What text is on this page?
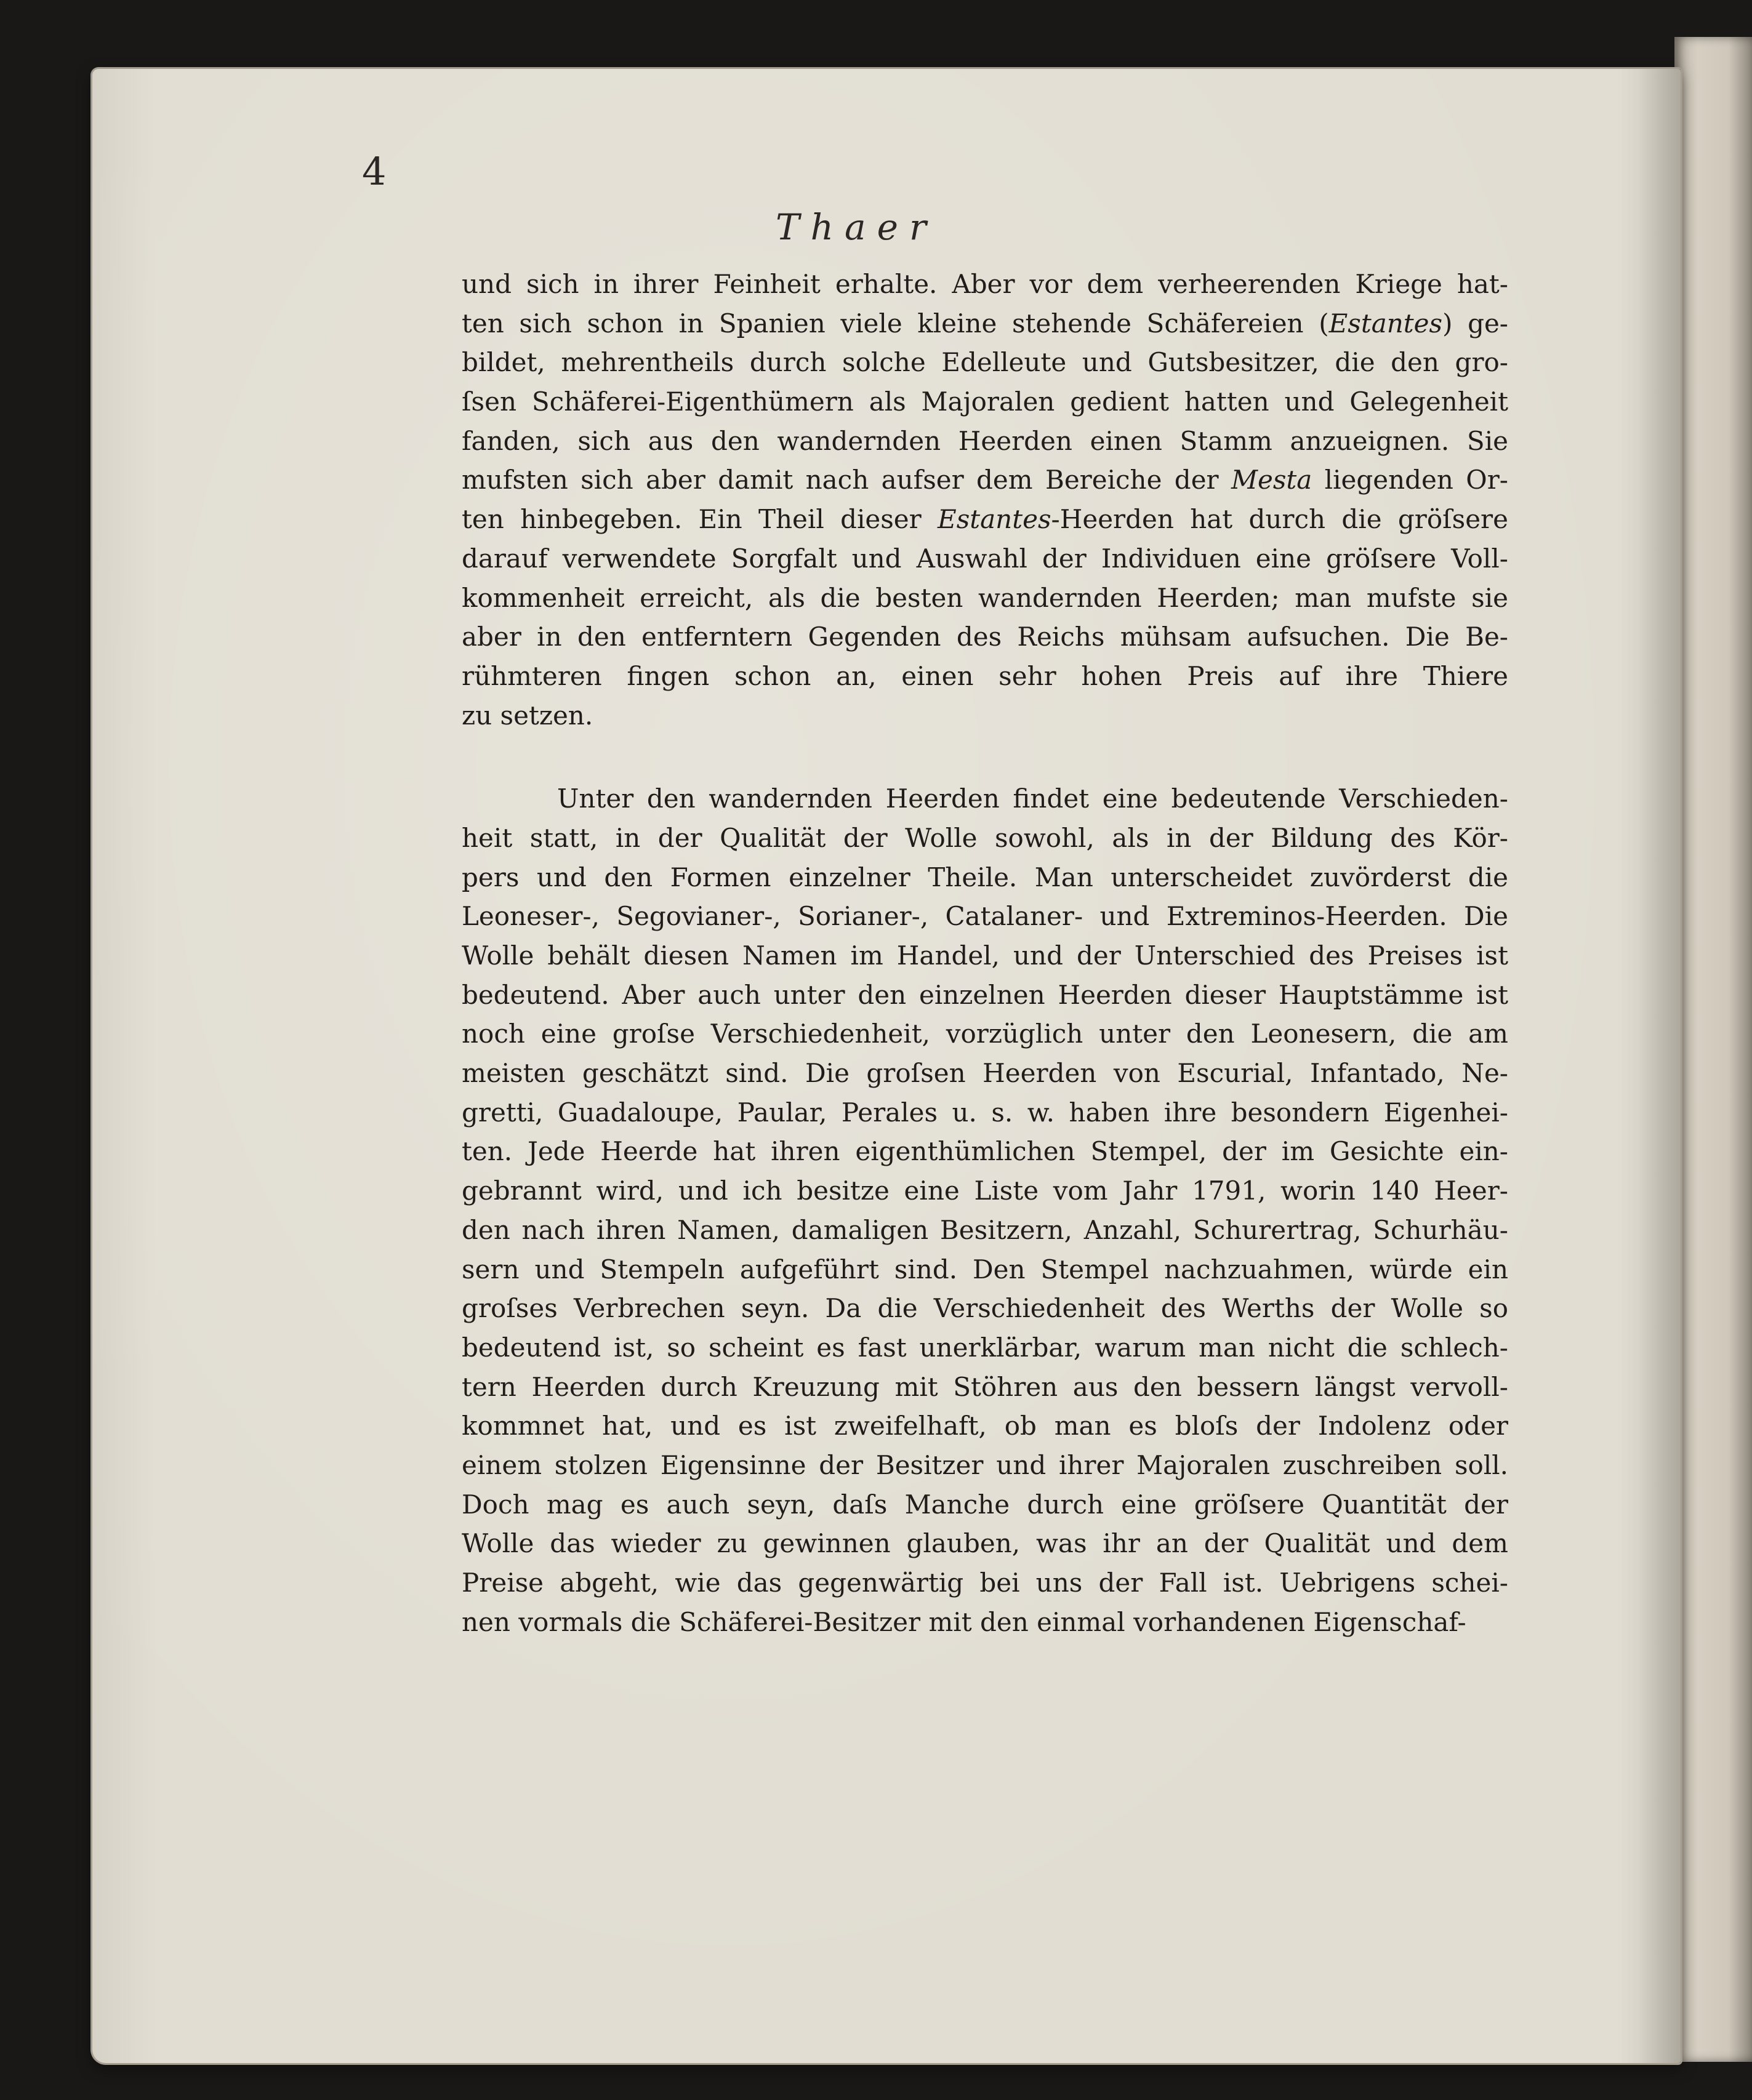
4
Thaer
und sich in ihrer Feinheit erhalte. Aber vor dem verheerenden Kriege hat-
ten sich schon in Spanien viele kleine stehende Schäfereien (Estantes) ge-
bildet, mehrentheils durch solche Edelleute und Gutsbesitzer, die den gro-
ſsen Schäferei-Eigenthümern als Majoralen gedient hatten und Gelegenheit
fanden, sich aus den wandernden Heerden einen Stamm anzueignen. Sie
mufsten sich aber damit nach aufser dem Bereiche der Mesta liegenden Or-
ten hinbegeben. Ein Theil dieser Estantes-Heerden hat durch die gröſsere
darauf verwendete Sorgfalt und Auswahl der Individuen eine gröſsere Voll-
kommenheit erreicht, als die besten wandernden Heerden; man mufste sie
aber in den entferntern Gegenden des Reichs mühsam aufsuchen. Die Be-
rühmteren fingen schon an, einen sehr hohen Preis auf ihre Thiere
zu setzen.
Unter den wandernden Heerden findet eine bedeutende Verschieden-
heit statt, in der Qualität der Wolle sowohl, als in der Bildung des Kör-
pers und den Formen einzelner Theile. Man unterscheidet zuvörderst die
Leoneser-, Segovianer-, Sorianer-, Catalaner- und Extreminos-Heerden. Die
Wolle behält diesen Namen im Handel, und der Unterschied des Preises ist
bedeutend. Aber auch unter den einzelnen Heerden dieser Hauptstämme ist
noch eine groſse Verschiedenheit, vorzüglich unter den Leonesern, die am
meisten geschätzt sind. Die groſsen Heerden von Escurial, Infantado, Ne-
gretti, Guadaloupe, Paular, Perales u. s. w. haben ihre besondern Eigenhei-
ten. Jede Heerde hat ihren eigenthümlichen Stempel, der im Gesichte ein-
gebrannt wird, und ich besitze eine Liste vom Jahr 1791, worin 140 Heer-
den nach ihren Namen, damaligen Besitzern, Anzahl, Schurertrag, Schurhäu-
sern und Stempeln aufgeführt sind. Den Stempel nachzuahmen, würde ein
groſses Verbrechen seyn. Da die Verschiedenheit des Werths der Wolle so
bedeutend ist, so scheint es fast unerklärbar, warum man nicht die schlech-
tern Heerden durch Kreuzung mit Stöhren aus den bessern längst vervoll-
kommnet hat, und es ist zweifelhaft, ob man es bloſs der Indolenz oder
einem stolzen Eigensinne der Besitzer und ihrer Majoralen zuschreiben soll.
Doch mag es auch seyn, daſs Manche durch eine gröſsere Quantität der
Wolle das wieder zu gewinnen glauben, was ihr an der Qualität und dem
Preise abgeht, wie das gegenwärtig bei uns der Fall ist. Uebrigens schei-
nen vormals die Schäferei-Besitzer mit den einmal vorhandenen Eigenschaf-
